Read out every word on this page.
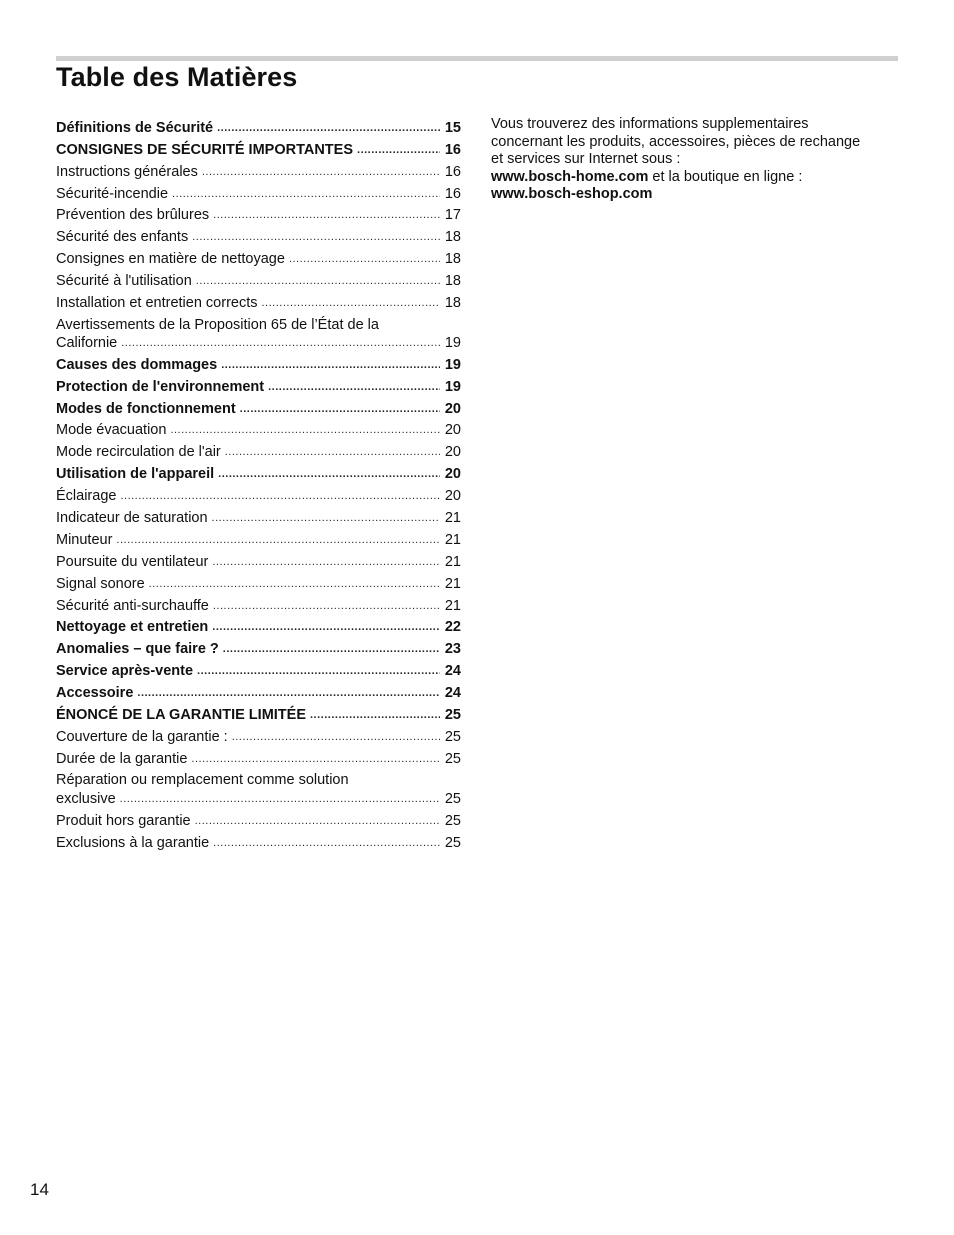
Table des Matières
Définitions de Sécurité .....	15
CONSIGNES DE SÉCURITÉ IMPORTANTES .....	16
Instructions générales .....	16
Sécurité-incendie .....	16
Prévention des brûlures .....	17
Sécurité des enfants .....	18
Consignes en matière de nettoyage .....	18
Sécurité à l'utilisation .....	18
Installation et entretien corrects .....	18
Avertissements de la Proposition 65 de l’État de la
Californie .....	19
Causes des dommages .....	19
Protection de l'environnement .....	19
Modes de fonctionnement .....	20
Mode évacuation .....	20
Mode recirculation de l'air .....	20
Utilisation de l'appareil .....	20
Éclairage .....	20
Indicateur de saturation .....	21
Minuteur .....	21
Poursuite du ventilateur .....	21
Signal sonore .....	21
Sécurité anti-surchauffe .....	21
Nettoyage et entretien .....	22
Anomalies – que faire ? .....	23
Service après-vente .....	24
Accessoire .....	24
ÉNONCÉ DE LA GARANTIE LIMITÉE .....	25
Couverture de la garantie : .....	25
Durée de la garantie .....	25
Réparation ou remplacement comme solution
exclusive .....	25
Produit hors garantie .....	25
Exclusions à la garantie .....	25
Vous trouverez des informations supplementaires concernant les produits, accessoires, pièces de rechange et services sur Internet sous :
www.bosch-home.com et la boutique en ligne :
www.bosch-eshop.com
14
